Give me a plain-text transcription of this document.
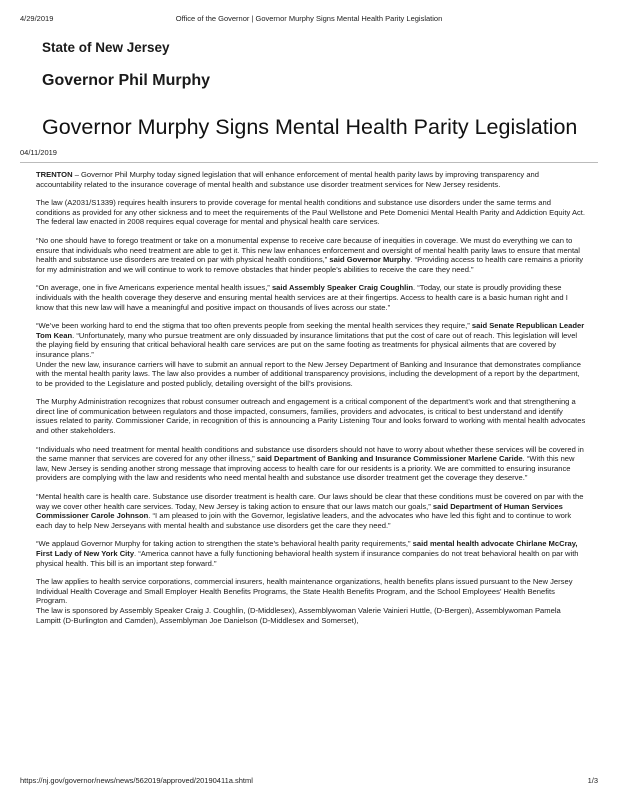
4/29/2019	Office of the Governor | Governor Murphy Signs Mental Health Parity Legislation
State of New Jersey
Governor Phil Murphy
Governor Murphy Signs Mental Health Parity Legislation
04/11/2019

TRENTON – Governor Phil Murphy today signed legislation that will enhance enforcement of mental health parity laws by improving transparency and accountability related to the insurance coverage of mental health and substance use disorder treatment services for New Jersey residents.

The law (A2031/S1339) requires health insurers to provide coverage for mental health conditions and substance use disorders under the same terms and conditions as provided for any other sickness and to meet the requirements of the Paul Wellstone and Pete Domenici Mental Health Parity and Addiction Equity Act. The federal law enacted in 2008 requires equal coverage for mental and physical health care services.

“No one should have to forego treatment or take on a monumental expense to receive care because of inequities in coverage. We must do everything we can to ensure that individuals who need treatment are able to get it. This new law enhances enforcement and oversight of mental health parity laws to ensure that mental health and substance use disorders are treated on par with physical health conditions,” said Governor Murphy. “Providing access to health care remains a priority for my administration and we will continue to work to remove obstacles that hinder people’s abilities to receive the care they need.”

“On average, one in five Americans experience mental health issues,” said Assembly Speaker Craig Coughlin. “Today, our state is proudly providing these individuals with the health coverage they deserve and ensuring mental health services are at their fingertips. Access to health care is a basic human right and I know that this new law will have a meaningful and positive impact on thousands of lives across our state.”

“We’ve been working hard to end the stigma that too often prevents people from seeking the mental health services they require,” said Senate Republican Leader Tom Kean. “Unfortunately, many who pursue treatment are only dissuaded by insurance limitations that put the cost of care out of reach. This legislation will level the playing field by ensuring that critical behavioral health care services are put on the same footing as treatments for physical ailments that are covered by insurance plans.”

Under the new law, insurance carriers will have to submit an annual report to the New Jersey Department of Banking and Insurance that demonstrates compliance with the mental health parity laws. The law also provides a number of additional transparency provisions, including the development of a report by the department, to be provided to the Legislature and posted publicly, detailing oversight of the bill’s provisions.

The Murphy Administration recognizes that robust consumer outreach and engagement is a critical component of the department’s work and that strengthening a direct line of communication between regulators and those impacted, consumers, families, providers and advocates, is critical to best understand and identify issues related to parity. Commissioner Caride, in recognition of this is announcing a Parity Listening Tour and looks forward to working with mental health advocates and other stakeholders.

“Individuals who need treatment for mental health conditions and substance use disorders should not have to worry about whether these services will be covered in the same manner that services are covered for any other illness,” said Department of Banking and Insurance Commissioner Marlene Caride. “With this new law, New Jersey is sending another strong message that improving access to health care for our residents is a priority. We are committed to ensuring insurance providers are complying with the law and residents who need mental health and substance use disorder treatment get the coverage they deserve.”

“Mental health care is health care. Substance use disorder treatment is health care. Our laws should be clear that these conditions must be covered on par with the way we cover other health care services. Today, New Jersey is taking action to ensure that our laws match our goals,” said Department of Human Services Commissioner Carole Johnson. “I am pleased to join with the Governor, legislative leaders, and the advocates who have led this fight and to continue to work each day to help New Jerseyans with mental health and substance use disorders get the care they need.”

“We applaud Governor Murphy for taking action to strengthen the state’s behavioral health parity requirements,” said mental health advocate Chirlane McCray, First Lady of New York City. “America cannot have a fully functioning behavioral health system if insurance companies do not treat behavioral health on par with physical health. This bill is an important step forward.”

The law applies to health service corporations, commercial insurers, health maintenance organizations, health benefits plans issued pursuant to the New Jersey Individual Health Coverage and Small Employer Health Benefits Programs, the State Health Benefits Program, and the School Employees’ Health Benefits Program.

The law is sponsored by Assembly Speaker Craig J. Coughlin, (D-Middlesex), Assemblywoman Valerie Vainieri Huttle, (D-Bergen), Assemblywoman Pamela Lampitt (D-Burlington and Camden), Assemblyman Joe Danielson (D-Middlesex and Somerset),

https://nj.gov/governor/news/news/562019/approved/20190411a.shtml	1/3
